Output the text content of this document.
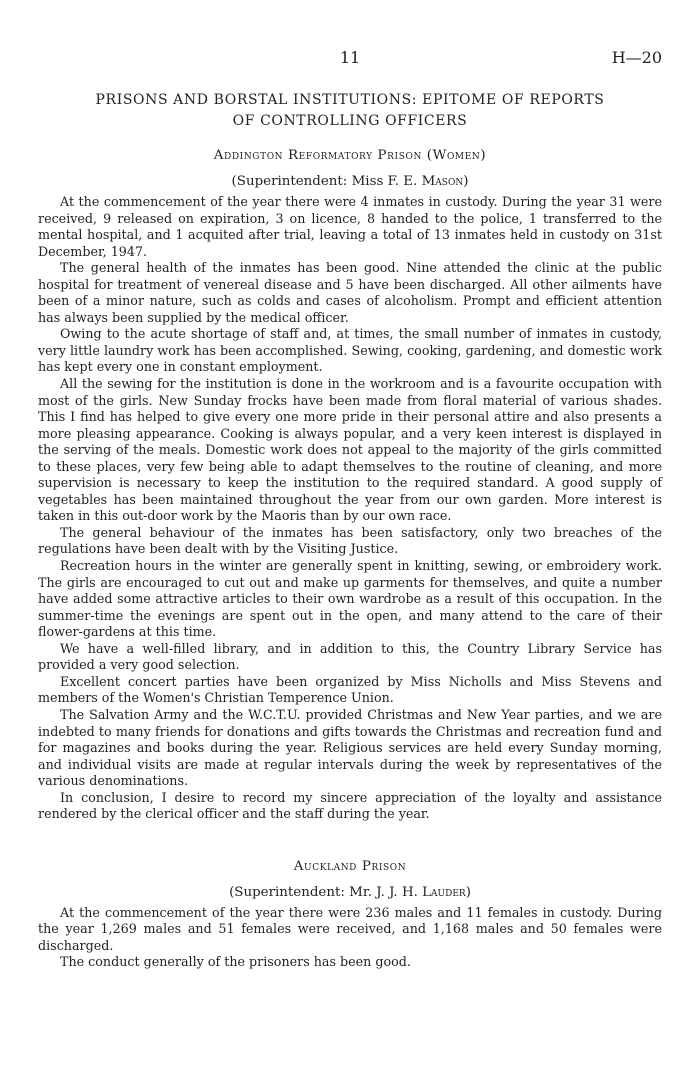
11	H—20
PRISONS AND BORSTAL INSTITUTIONS: EPITOME OF REPORTS
OF CONTROLLING OFFICERS
Addington Reformatory Prison (Women)
(Superintendent: Miss F. E. Mason)

At the commencement of the year there were 4 inmates in custody. During the year 31 were received, 9 released on expiration, 3 on licence, 8 handed to the police, 1 transferred to the mental hospital, and 1 acquited after trial, leaving a total of 13 inmates held in custody on 31st December, 1947.

The general health of the inmates has been good. Nine attended the clinic at the public hospital for treatment of venereal disease and 5 have been discharged. All other ailments have been of a minor nature, such as colds and cases of alcoholism. Prompt and efficient attention has always been supplied by the medical officer.

Owing to the acute shortage of staff and, at times, the small number of inmates in custody, very little laundry work has been accomplished. Sewing, cooking, gardening, and domestic work has kept every one in constant employment.

All the sewing for the institution is done in the workroom and is a favourite occupation with most of the girls. New Sunday frocks have been made from floral material of various shades. This I find has helped to give every one more pride in their personal attire and also presents a more pleasing appearance. Cooking is always popular, and a very keen interest is displayed in the serving of the meals. Domestic work does not appeal to the majority of the girls committed to these places, very few being able to adapt themselves to the routine of cleaning, and more supervision is necessary to keep the institution to the required standard. A good supply of vegetables has been maintained throughout the year from our own garden. More interest is taken in this out-door work by the Maoris than by our own race.

The general behaviour of the inmates has been satisfactory, only two breaches of the regulations have been dealt with by the Visiting Justice.

Recreation hours in the winter are generally spent in knitting, sewing, or embroidery work. The girls are encouraged to cut out and make up garments for themselves, and quite a number have added some attractive articles to their own wardrobe as a result of this occupation. In the summer-time the evenings are spent out in the open, and many attend to the care of their flower-gardens at this time.

We have a well-filled library, and in addition to this, the Country Library Service has provided a very good selection.

Excellent concert parties have been organized by Miss Nicholls and Miss Stevens and members of the Women's Christian Temperence Union.

The Salvation Army and the W.C.T.U. provided Christmas and New Year parties, and we are indebted to many friends for donations and gifts towards the Christmas and recreation fund and for magazines and books during the year. Religious services are held every Sunday morning, and individual visits are made at regular intervals during the week by representatives of the various denominations.

In conclusion, I desire to record my sincere appreciation of the loyalty and assistance rendered by the clerical officer and the staff during the year.

Auckland Prison
(Superintendent: Mr. J. J. H. Lauder)

At the commencement of the year there were 236 males and 11 females in custody. During the year 1,269 males and 51 females were received, and 1,168 males and 50 females were discharged.

The conduct generally of the prisoners has been good.
